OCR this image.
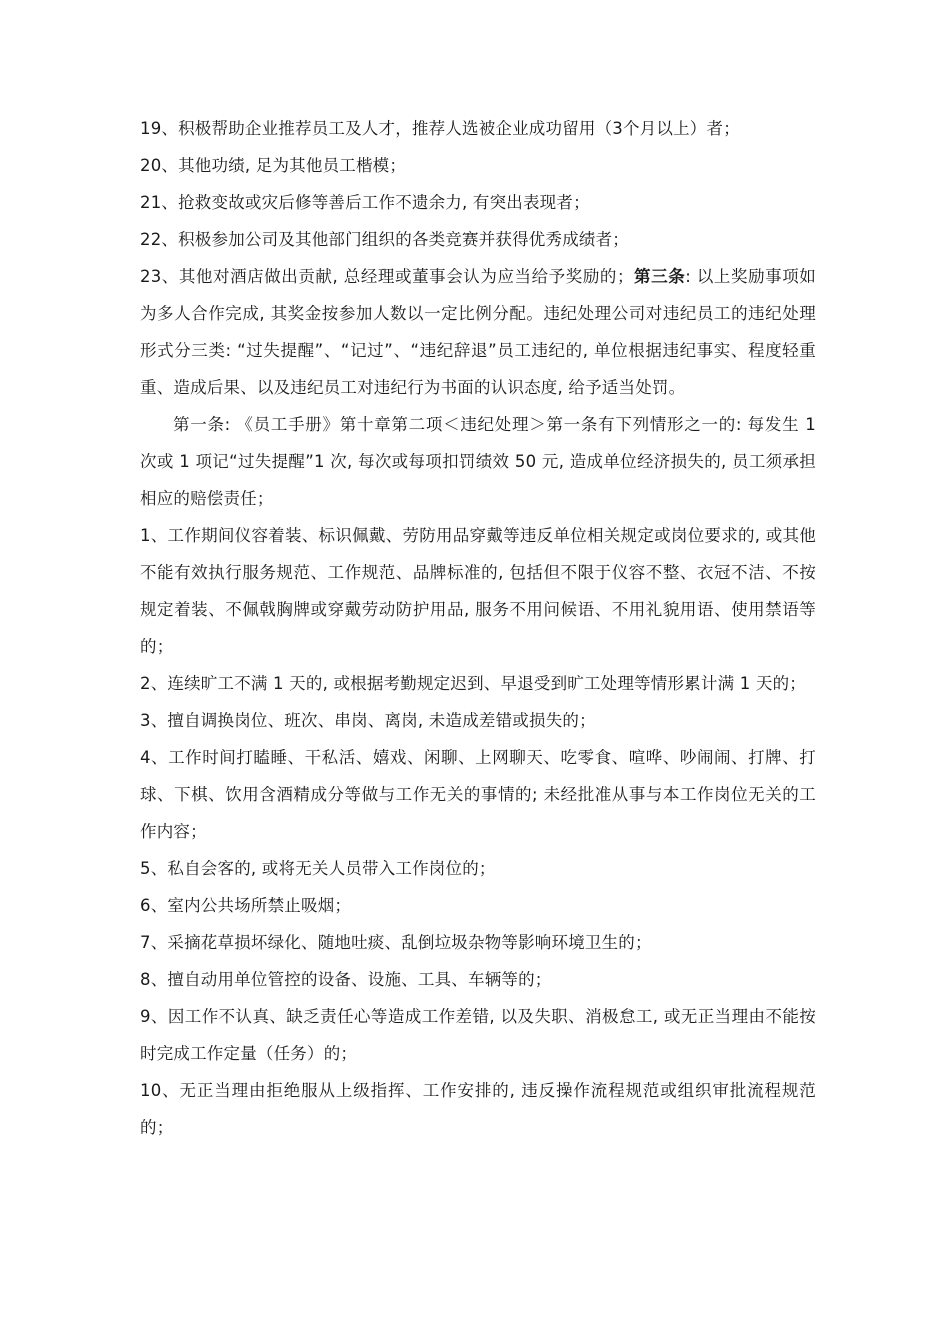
19、积极帮助企业推荐员工及人才，推荐人选被企业成功留用（3个月以上）者；

20、其他功绩, 足为其他员工楷模；

21、抢救变故或灾后修等善后工作不遗余力, 有突出表现者；

22、积极参加公司及其他部门组织的各类竞赛并获得优秀成绩者；

23、其他对酒店做出贡献, 总经理或董事会认为应当给予奖励的；第三条: 以上奖励事项如为多人合作完成, 其奖金按参加人数以一定比例分配。违纪处理公司对违纪员工的违纪处理形式分三类: “过失提醒”、“记过”、“违纪辞退”员工违纪的, 单位根据违纪事实、程度轻重重、造成后果、以及违纪员工对违纪行为书面的认识态度, 给予适当处罚。

第一条: 《员工手册》第十章第二项＜违纪处理＞第一条有下列情形之一的: 每发生 1 次或 1 项记“过失提醒”1 次, 每次或每项扣罚绩效 50 元, 造成单位经济损失的, 员工须承担相应的赔偿责任；

1、工作期间仪容着装、标识佩戴、劳防用品穿戴等违反单位相关规定或岗位要求的, 或其他不能有效执行服务规范、工作规范、品牌标准的, 包括但不限于仪容不整、衣冠不洁、不按规定着装、不佩戟胸牌或穿戴劳动防护用品, 服务不用问候语、不用礼貌用语、使用禁语等的；

2、连续旷工不满 1 天的, 或根据考勤规定迟到、早退受到旷工处理等情形累计满 1 天的；

3、擅自调换岗位、班次、串岗、离岗, 未造成差错或损失的；

4、工作时间打瞌睡、干私活、嬉戏、闲聊、上网聊天、吃零食、喧哗、吵闹闹、打牌、打球、下棋、饮用含酒精成分等做与工作无关的事情的; 未经批准从事与本工作岗位无关的工作内容；

5、私自会客的, 或将无关人员带入工作岗位的；

6、室内公共场所禁止吸烟；

7、采摘花草损坏绿化、随地吐痰、乱倒垃圾杂物等影响环境卫生的；

8、擅自动用单位管控的设备、设施、工具、车辆等的；

9、因工作不认真、缺乏责任心等造成工作差错, 以及失职、消极怠工, 或无正当理由不能按时完成工作定量（任务）的；

10、无正当理由拒绝服从上级指挥、工作安排的, 违反操作流程规范或组织审批流程规范的；
